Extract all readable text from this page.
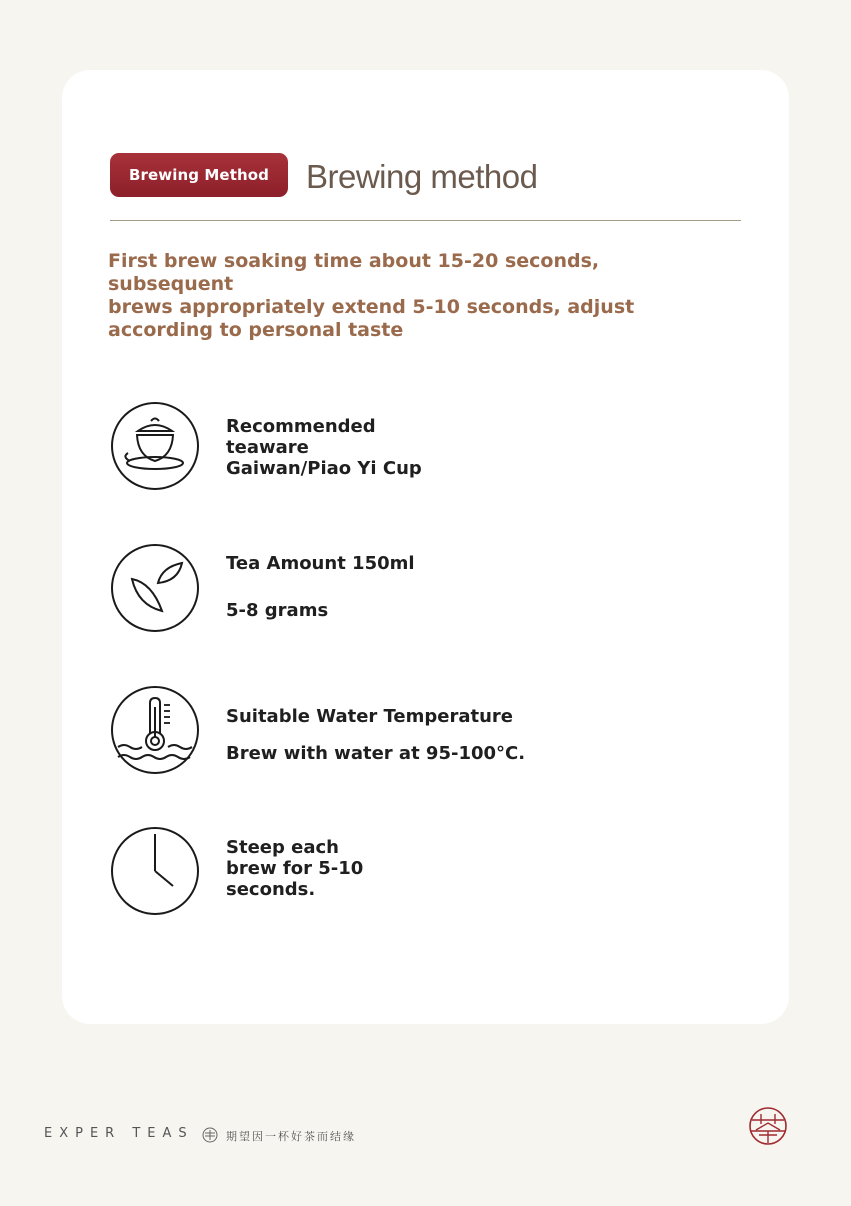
Brewing Method	Brewing method
First brew soaking time about 15-20 seconds, subsequent
brews appropriately extend 5-10 seconds, adjust
according to personal taste
Recommended
teaware
Gaiwan/Piao Yi Cup
Tea Amount 150ml
5-8 grams
Suitable Water Temperature
Brew with water at 95-100°C.
Steep each
brew for 5-10
seconds.
EXPER TEAS	期望因一杯好茶而结缘
